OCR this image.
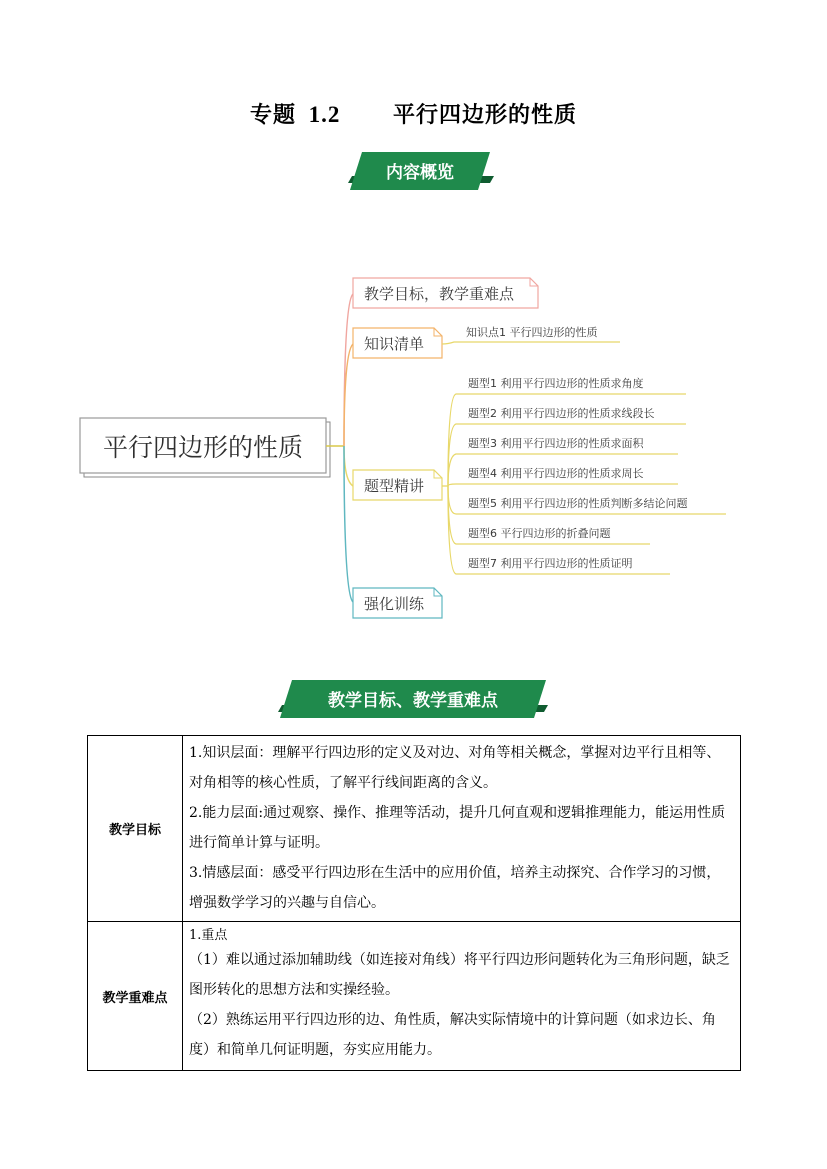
专题 1.2 平行四边形的性质
内容概览
平行四边形的性质
教学目标，教学重难点
知识清单
知识点1 平行四边形的性质
题型精讲
题型1 利用平行四边形的性质求角度
题型2 利用平行四边形的性质求线段长
题型3 利用平行四边形的性质求面积
题型4 利用平行四边形的性质求周长
题型5 利用平行四边形的性质判断多结论问题
题型6 平行四边形的折叠问题
题型7 利用平行四边形的性质证明
强化训练
教学目标、教学重难点
教学目标	1.知识层面：理解平行四边形的定义及对边、对角等相关概念，掌握对边平行且相等、对角相等的核心性质，了解平行线间距离的含义。

2.能力层面:通过观察、操作、推理等活动，提升几何直观和逻辑推理能力，能运用性质进行简单计算与证明。

3.情感层面：感受平行四边形在生活中的应用价值，培养主动探究、合作学习的习惯，增强数学学习的兴趣与自信心。

教学重难点	1.重点

（1）难以通过添加辅助线（如连接对角线）将平行四边形问题转化为三角形问题，缺乏图形转化的思想方法和实操经验。

（2）熟练运用平行四边形的边、角性质，解决实际情境中的计算问题（如求边长、角度）和简单几何证明题，夯实应用能力。
